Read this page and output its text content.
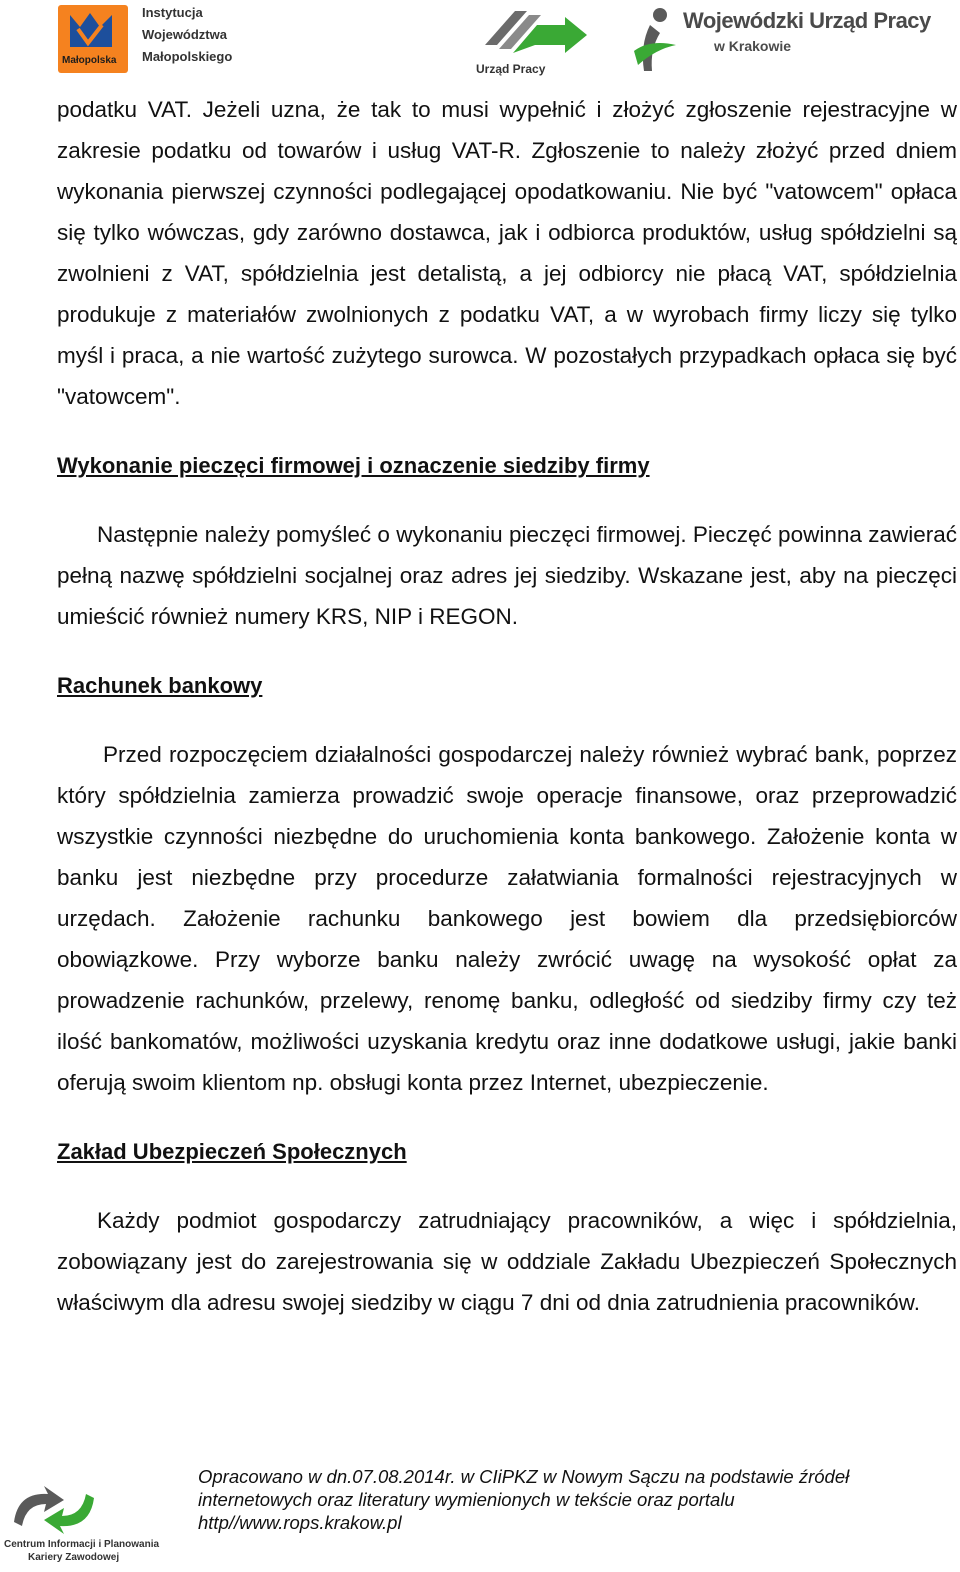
Instytucja
Województwa
Małopolskiego
Małopolska
Urząd Pracy
Wojewódzki Urząd Pracy
w Krakowie

podatku VAT. Jeżeli uzna, że tak to musi wypełnić i złożyć zgłoszenie rejestracyjne w zakresie podatku od towarów i usług VAT-R. Zgłoszenie to należy złożyć przed dniem wykonania pierwszej czynności podlegającej opodatkowaniu. Nie być "vatowcem" opłaca się tylko wówczas, gdy zarówno dostawca, jak i odbiorca produktów, usług spółdzielni są zwolnieni z VAT, spółdzielnia jest detalistą, a jej odbiorcy nie płacą VAT, spółdzielnia produkuje z materiałów zwolnionych z podatku VAT, a w wyrobach firmy liczy się tylko myśl i praca, a nie wartość zużytego surowca. W pozostałych przypadkach opłaca się być "vatowcem".

Wykonanie pieczęci firmowej i oznaczenie siedziby firmy

Następnie należy pomyśleć o wykonaniu pieczęci firmowej. Pieczęć powinna zawierać pełną nazwę spółdzielni socjalnej oraz adres jej siedziby. Wskazane jest, aby na pieczęci umieścić również numery KRS, NIP i REGON.

Rachunek bankowy

Przed rozpoczęciem działalności gospodarczej należy również wybrać bank, poprzez który spółdzielnia zamierza prowadzić swoje operacje finansowe, oraz przeprowadzić wszystkie czynności niezbędne do uruchomienia konta bankowego. Założenie konta w banku jest niezbędne przy procedurze załatwiania formalności rejestracyjnych w urzędach. Założenie rachunku bankowego jest bowiem dla przedsiębiorców obowiązkowe. Przy wyborze banku należy zwrócić uwagę na wysokość opłat za prowadzenie rachunków, przelewy, renomę banku, odległość od siedziby firmy czy też ilość bankomatów, możliwości uzyskania kredytu oraz inne dodatkowe usługi, jakie banki oferują swoim klientom np. obsługi konta przez Internet, ubezpieczenie.

Zakład Ubezpieczeń Społecznych

Każdy podmiot gospodarczy zatrudniający pracowników, a więc i spółdzielnia, zobowiązany jest do zarejestrowania się w oddziale Zakładu Ubezpieczeń Społecznych właściwym dla adresu swojej siedziby w ciągu 7 dni od dnia zatrudnienia pracowników.

Centrum Informacji i Planowania
Kariery Zawodowej
Opracowano w dn.07.08.2014r. w CIiPKZ w Nowym Sączu na podstawie źródeł
internetowych oraz literatury wymienionych w tekście oraz portalu
http//www.rops.krakow.pl
